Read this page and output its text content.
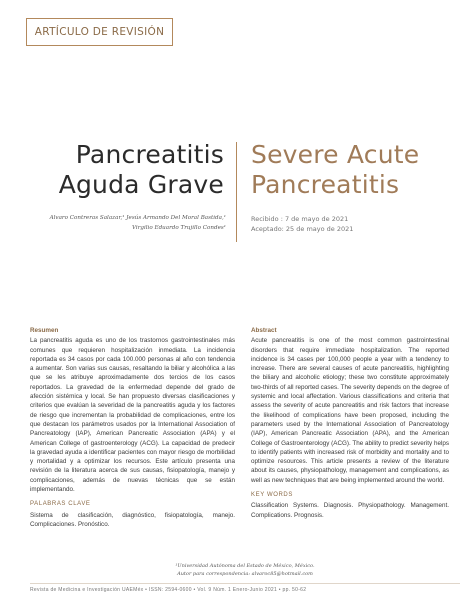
ARTÍCULO DE REVISIÓN
Pancreatitis
Aguda Grave
Severe Acute
Pancreatitis
Alvaro Contreras Salazar,¹ Jesús Armando Del Moral Bastida,¹
Virgilio Eduardo Trujillo Condes¹
Recibido : 7 de mayo de 2021
Aceptado: 25 de mayo de 2021
Resumen

La pancreatitis aguda es uno de los trastornos gastrointestinales más comunes que requieren hospitalización inmediata. La incidencia reportada es 34 casos por cada 100.000 personas al año con tendencia a aumentar. Son varias sus causas, resaltando la biliar y alcohólica a las que se les atribuye aproximadamente dos tercios de los casos reportados. La gravedad de la enfermedad depende del grado de afección sistémica y local. Se han propuesto diversas clasificaciones y criterios que evalúan la severidad de la pancreatitis aguda y los factores de riesgo que incrementan la probabilidad de complicaciones, entre los que destacan los parámetros usados por la International Association of Pancreatology (IAP), American Pancreatic Association (APA) y el American College of gastroenterology (ACG). La capacidad de predecir la gravedad ayuda a identificar pacientes con mayor riesgo de morbilidad y mortalidad y a optimizar los recursos. Este artículo presenta una revisión de la literatura acerca de sus causas, fisiopatología, manejo y complicaciones, además de nuevas técnicas que se están implementando.

PALABRAS CLAVE

Sistema de clasificación, diagnóstico, fisiopatología, manejo. Complicaciones. Pronóstico.

Abstract

Acute pancreatitis is one of the most common gastrointestinal disorders that require immediate hospitalization. The reported incidence is 34 cases per 100,000 people a year with a tendency to increase. There are several causes of acute pancreatitis, highlighting the biliary and alcoholic etiology; these two constitute approximately two-thirds of all reported cases. The severity depends on the degree of systemic and local affectation. Various classifications and criteria that assess the severity of acute pancreatitis and risk factors that increase the likelihood of complications have been proposed, including the parameters used by the International Association of Pancreatology (IAP), American Pancreatic Association (APA), and the American College of Gastroenterology (ACG). The ability to predict severity helps to identify patients with increased risk of morbidity and mortality and to optimize resources. This article presents a review of the literature about its causes, physiopathology, management and complications, as well as new techniques that are being implemented around the world.

KEY WORDS

Classification Systems. Diagnosis. Physiopathology. Management. Complications. Prognosis.

¹Universidad Autónoma del Estado de México, México.
Autor para correspondencia: alvaroc85@hotmail.com
Revista de Medicina e Investigación UAEMéx • ISSN: 2594-0600 • Vol. 9 Núm. 1 Enero-Junio 2021 • pp. 50-62
